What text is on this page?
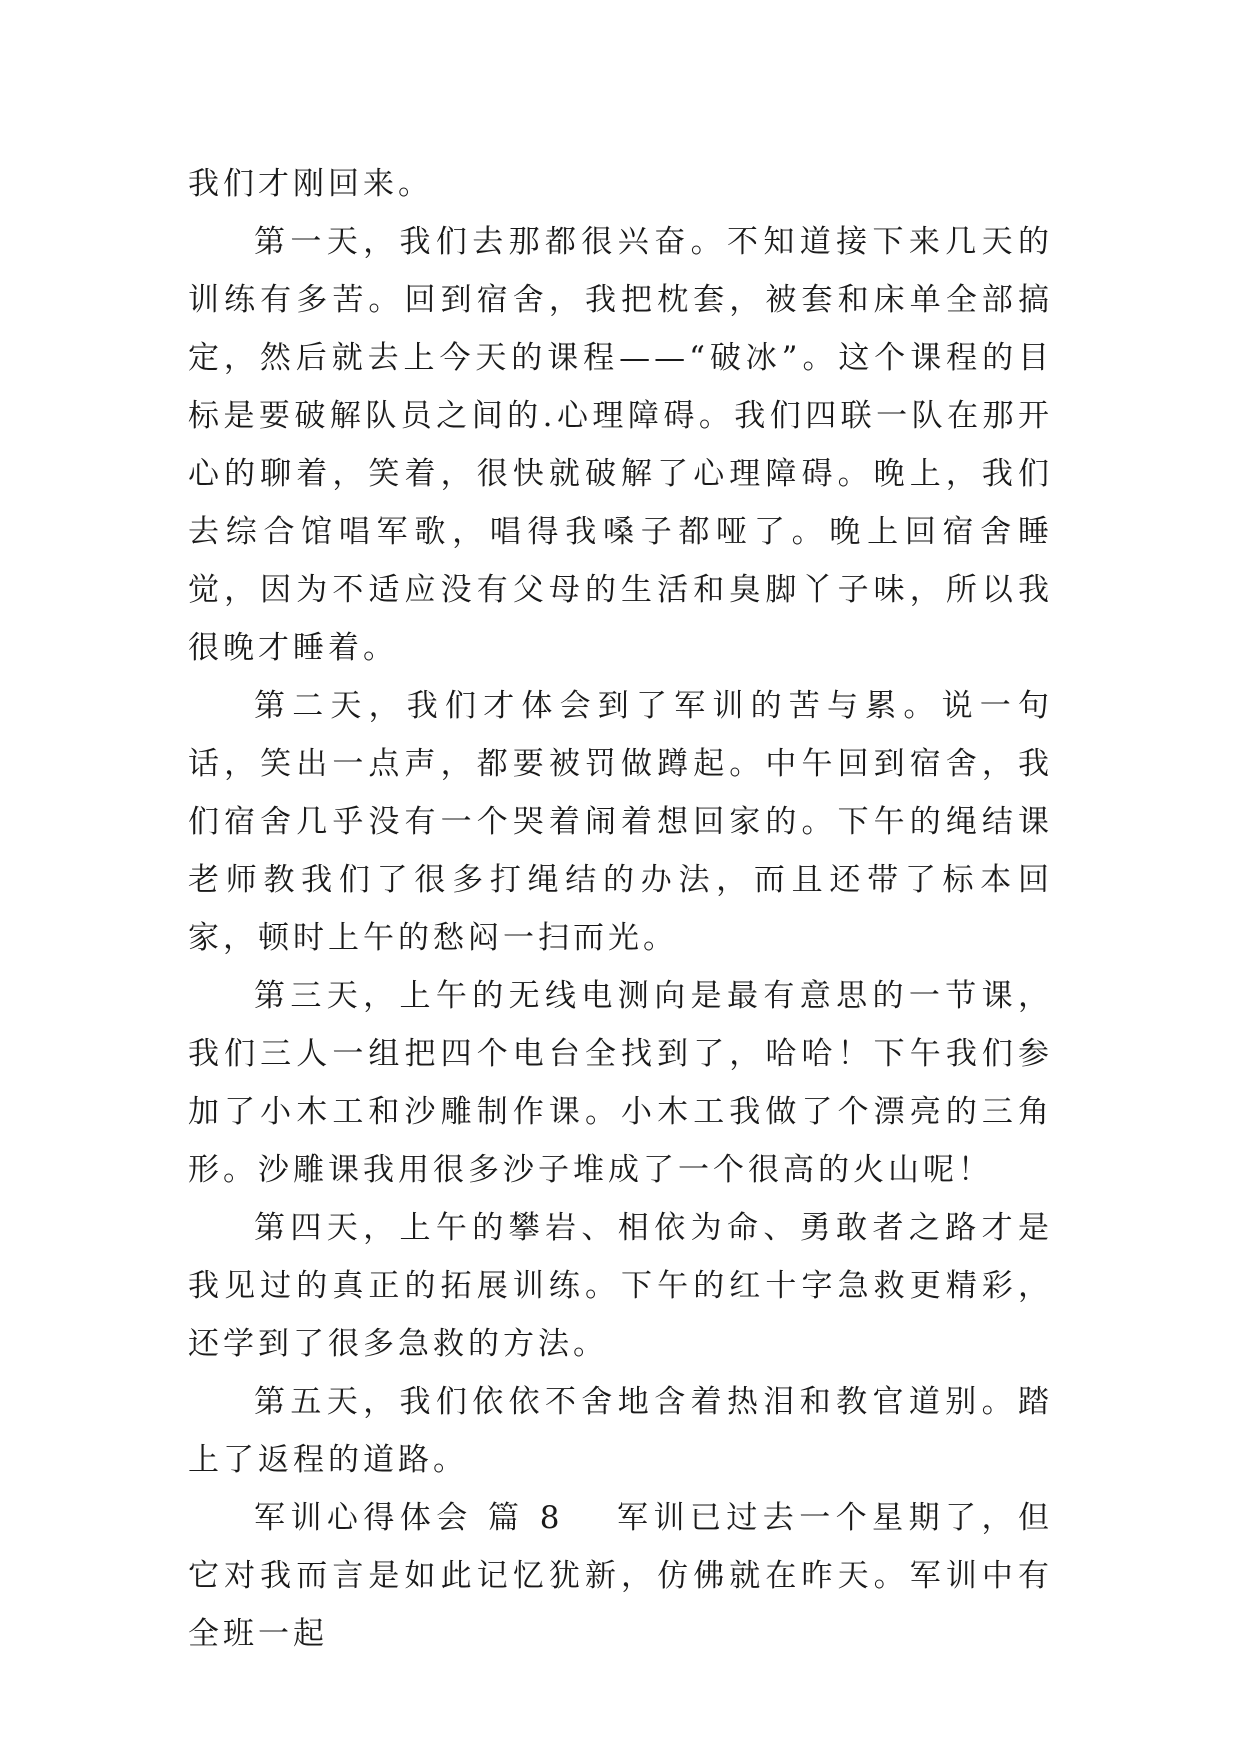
我们才刚回来。

第一天，我们去那都很兴奋。不知道接下来几天的训练有多苦。回到宿舍，我把枕套，被套和床单全部搞定，然后就去上今天的课程——“破冰”。这个课程的目标是要破解队员之间的.心理障碍。我们四联一队在那开心的聊着，笑着，很快就破解了心理障碍。晚上，我们去综合馆唱军歌，唱得我嗓子都哑了。晚上回宿舍睡觉，因为不适应没有父母的生活和臭脚丫子味，所以我很晚才睡着。

第二天，我们才体会到了军训的苦与累。说一句话，笑出一点声，都要被罚做蹲起。中午回到宿舍，我们宿舍几乎没有一个哭着闹着想回家的。下午的绳结课老师教我们了很多打绳结的办法，而且还带了标本回家，顿时上午的愁闷一扫而光。

第三天，上午的无线电测向是最有意思的一节课，我们三人一组把四个电台全找到了，哈哈！下午我们参加了小木工和沙雕制作课。小木工我做了个漂亮的三角形。沙雕课我用很多沙子堆成了一个很高的火山呢！

第四天，上午的攀岩、相依为命、勇敢者之路才是我见过的真正的拓展训练。下午的红十字急救更精彩，还学到了很多急救的方法。

第五天，我们依依不舍地含着热泪和教官道别。踏上了返程的道路。

军训心得体会 篇 8 军训已过去一个星期了，但它对我而言是如此记忆犹新，仿佛就在昨天。军训中有全班一起
